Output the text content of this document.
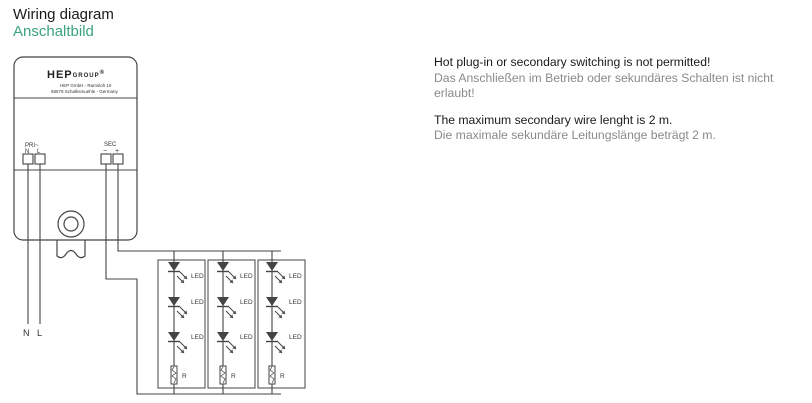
Wiring diagram
Anschaltbild
Hot plug-in or secondary switching is not permitted!
Das Anschließen im Betrieb oder sekundäres Schalten ist nicht erlaubt!
The maximum secondary wire lenght is 2 m.
Die maximale sekundäre Leitungslänge beträgt 2 m.
HEPGROUP®
HEP GmbH - Ramsloh 10
58579 Schalksmuehle - Germany
PRI~
N L
SEC
− +
N L
LED
LED
LED
LED
LED
LED
LED
LED
LED
R	R	R
